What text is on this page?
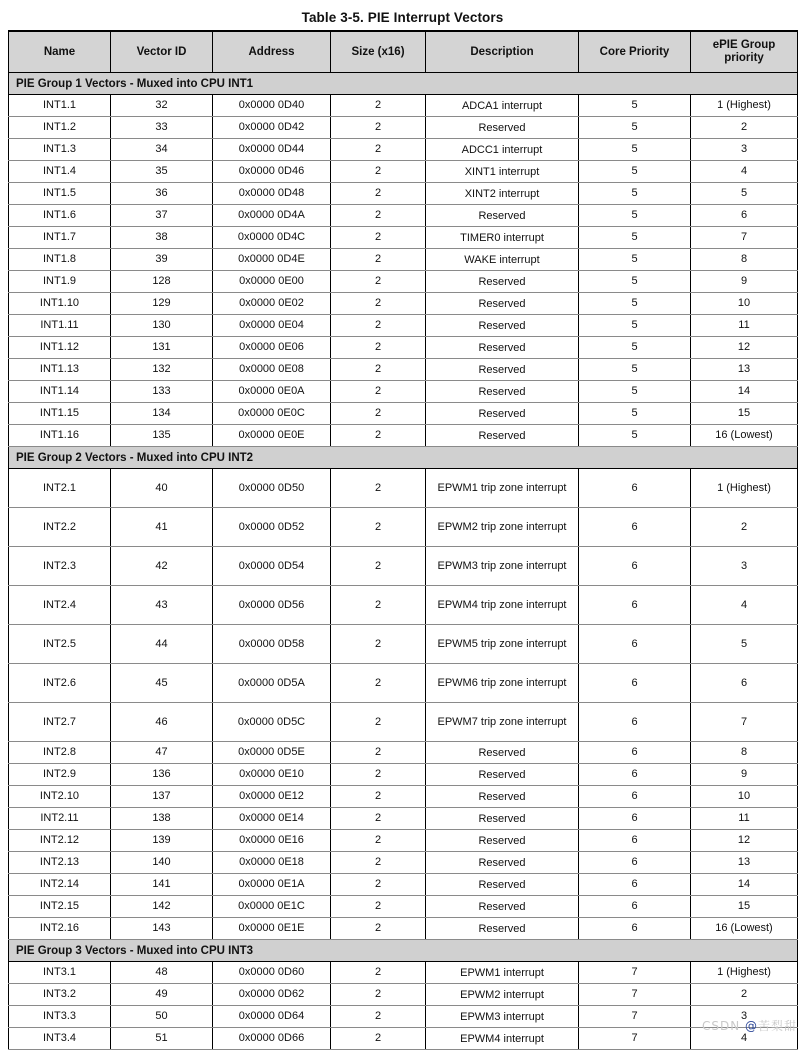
Table 3-5. PIE Interrupt Vectors
Name	Vector ID	Address	Size (x16)	Description	Core Priority	ePIE Group priority
PIE Group 1 Vectors - Muxed into CPU INT1						
INT1.1	32	0x0000 0D40	2	ADCA1 interrupt	5	1 (Highest)
INT1.2	33	0x0000 0D42	2	Reserved	5	2
INT1.3	34	0x0000 0D44	2	ADCC1 interrupt	5	3
INT1.4	35	0x0000 0D46	2	XINT1 interrupt	5	4
INT1.5	36	0x0000 0D48	2	XINT2 interrupt	5	5
INT1.6	37	0x0000 0D4A	2	Reserved	5	6
INT1.7	38	0x0000 0D4C	2	TIMER0 interrupt	5	7
INT1.8	39	0x0000 0D4E	2	WAKE interrupt	5	8
INT1.9	128	0x0000 0E00	2	Reserved	5	9
INT1.10	129	0x0000 0E02	2	Reserved	5	10
INT1.11	130	0x0000 0E04	2	Reserved	5	11
INT1.12	131	0x0000 0E06	2	Reserved	5	12
INT1.13	132	0x0000 0E08	2	Reserved	5	13
INT1.14	133	0x0000 0E0A	2	Reserved	5	14
INT1.15	134	0x0000 0E0C	2	Reserved	5	15
INT1.16	135	0x0000 0E0E	2	Reserved	5	16 (Lowest)
PIE Group 2 Vectors - Muxed into CPU INT2						
INT2.1	40	0x0000 0D50	2	EPWM1 trip zone interrupt	6	1 (Highest)
INT2.2	41	0x0000 0D52	2	EPWM2 trip zone interrupt	6	2
INT2.3	42	0x0000 0D54	2	EPWM3 trip zone interrupt	6	3
INT2.4	43	0x0000 0D56	2	EPWM4 trip zone interrupt	6	4
INT2.5	44	0x0000 0D58	2	EPWM5 trip zone interrupt	6	5
INT2.6	45	0x0000 0D5A	2	EPWM6 trip zone interrupt	6	6
INT2.7	46	0x0000 0D5C	2	EPWM7 trip zone interrupt	6	7
INT2.8	47	0x0000 0D5E	2	Reserved	6	8
INT2.9	136	0x0000 0E10	2	Reserved	6	9
INT2.10	137	0x0000 0E12	2	Reserved	6	10
INT2.11	138	0x0000 0E14	2	Reserved	6	11
INT2.12	139	0x0000 0E16	2	Reserved	6	12
INT2.13	140	0x0000 0E18	2	Reserved	6	13
INT2.14	141	0x0000 0E1A	2	Reserved	6	14
INT2.15	142	0x0000 0E1C	2	Reserved	6	15
INT2.16	143	0x0000 0E1E	2	Reserved	6	16 (Lowest)
PIE Group 3 Vectors - Muxed into CPU INT3						
INT3.1	48	0x0000 0D60	2	EPWM1 interrupt	7	1 (Highest)
INT3.2	49	0x0000 0D62	2	EPWM2 interrupt	7	2
INT3.3	50	0x0000 0D64	2	EPWM3 interrupt	7	3
INT3.4	51	0x0000 0D66	2	EPWM4 interrupt	7	4
CSDN @苦梨甜
